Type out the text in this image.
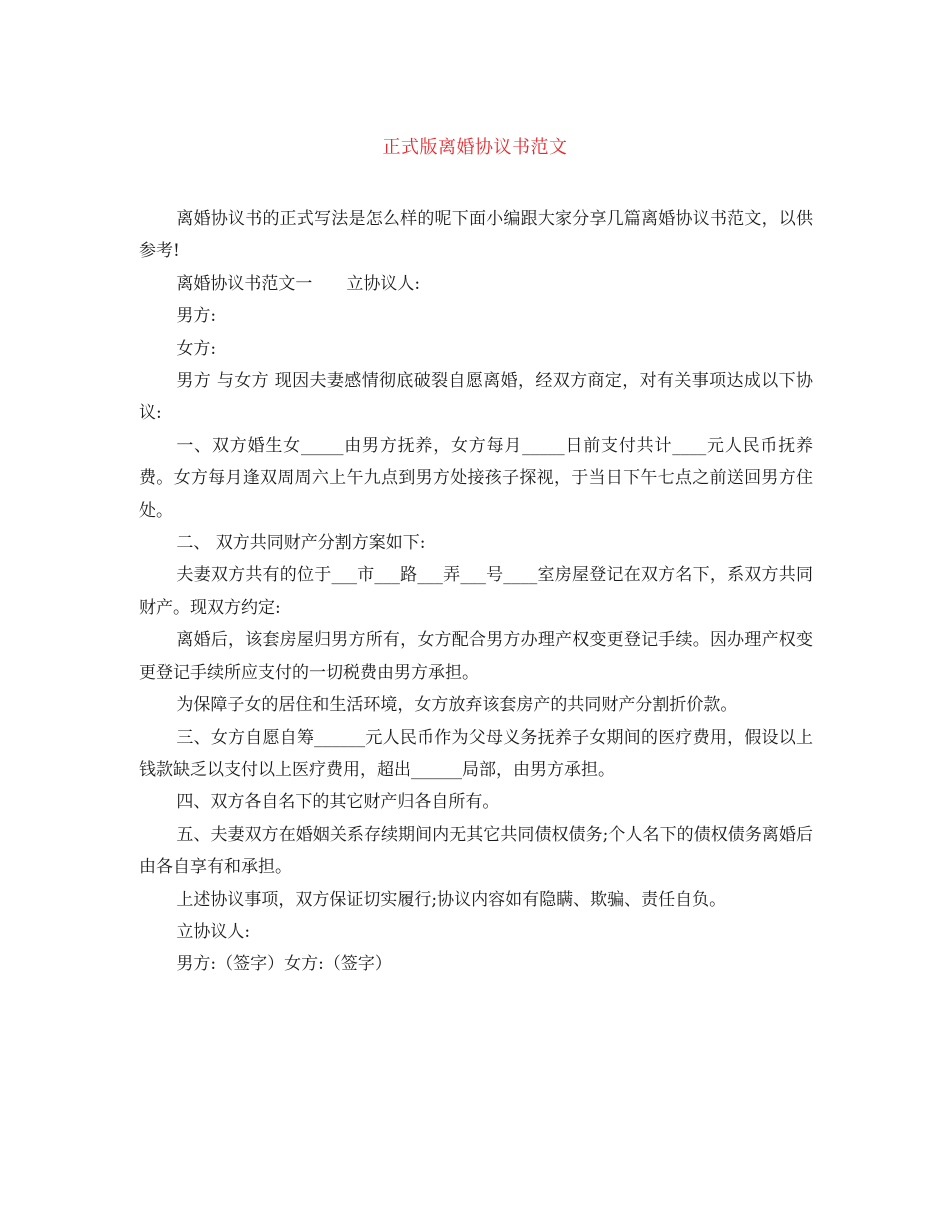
正式版离婚协议书范文

离婚协议书的正式写法是怎么样的呢下面小编跟大家分享几篇离婚协议书范文，以供参考!

离婚协议书范文一　　立协议人:

男方:

女方:

男方 与女方 现因夫妻感情彻底破裂自愿离婚，经双方商定，对有关事项达成以下协议:

一、双方婚生女_____由男方抚养，女方每月_____日前支付共计____元人民币抚养费。女方每月逢双周周六上午九点到男方处接孩子探视，于当日下午七点之前送回男方住处。

二、 双方共同财产分割方案如下:

夫妻双方共有的位于___市___路___弄___号____室房屋登记在双方名下，系双方共同财产。现双方约定:

离婚后，该套房屋归男方所有，女方配合男方办理产权变更登记手续。因办理产权变更登记手续所应支付的一切税费由男方承担。

为保障子女的居住和生活环境，女方放弃该套房产的共同财产分割折价款。

三、女方自愿自筹______元人民币作为父母义务抚养子女期间的医疗费用，假设以上钱款缺乏以支付以上医疗费用，超出______局部，由男方承担。

四、双方各自名下的其它财产归各自所有。

五、夫妻双方在婚姻关系存续期间内无其它共同债权债务;个人名下的债权债务离婚后由各自享有和承担。

上述协议事项，双方保证切实履行;协议内容如有隐瞒、欺骗、责任自负。

立协议人:

男方:（签字）女方:（签字）
